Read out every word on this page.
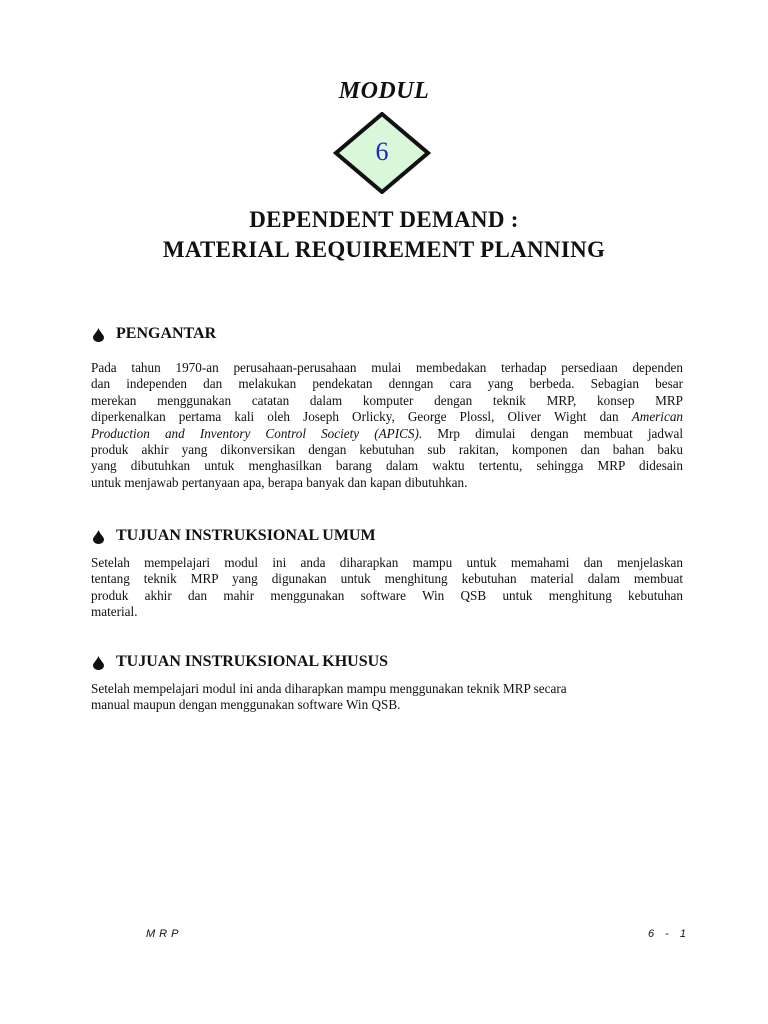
MODUL
6
DEPENDENT DEMAND :
MATERIAL REQUIREMENT PLANNING
PENGANTAR
Pada tahun 1970-an perusahaan-perusahaan mulai membedakan terhadap persediaan dependen
dan independen dan melakukan pendekatan denngan cara yang berbeda. Sebagian besar
merekan menggunakan catatan dalam komputer dengan teknik MRP, konsep MRP
diperkenalkan pertama kali oleh Joseph Orlicky, George Plossl, Oliver Wight dan American
Production and Inventory Control Society (APICS). Mrp dimulai dengan membuat jadwal
produk akhir yang dikonversikan dengan kebutuhan sub rakitan, komponen dan bahan baku
yang dibutuhkan untuk menghasilkan barang dalam waktu tertentu, sehingga MRP didesain
untuk menjawab pertanyaan apa, berapa banyak dan kapan dibutuhkan.
TUJUAN INSTRUKSIONAL UMUM
Setelah mempelajari modul ini anda diharapkan mampu untuk memahami dan menjelaskan
tentang teknik MRP yang digunakan untuk menghitung kebutuhan material dalam membuat
produk akhir dan mahir menggunakan software Win QSB untuk menghitung kebutuhan
material.
TUJUAN INSTRUKSIONAL KHUSUS
Setelah mempelajari modul ini anda diharapkan mampu menggunakan teknik MRP secara
manual maupun dengan menggunakan software Win QSB.
MRP	6 - 1
